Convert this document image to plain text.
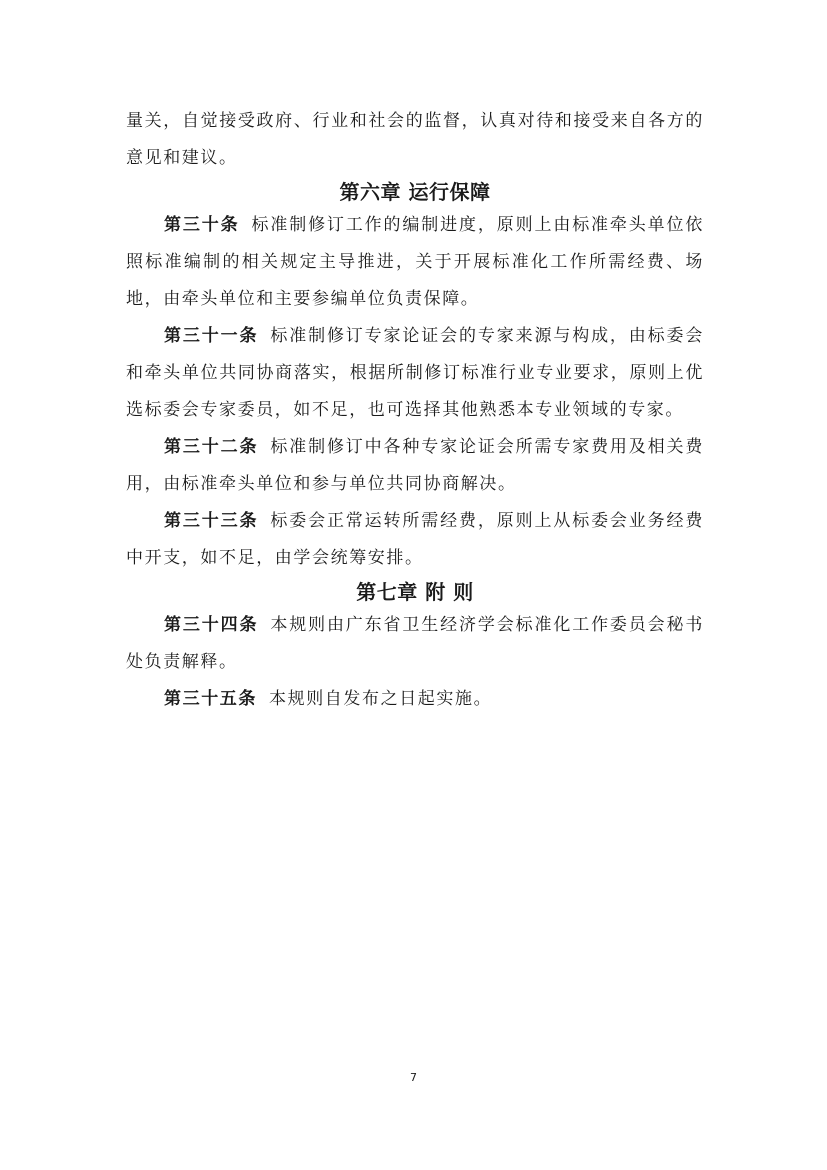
量关，自觉接受政府、行业和社会的监督，认真对待和接受来自各方的意见和建议。

第六章 运行保障

第三十条 标准制修订工作的编制进度，原则上由标准牵头单位依照标准编制的相关规定主导推进，关于开展标准化工作所需经费、场地，由牵头单位和主要参编单位负责保障。

第三十一条 标准制修订专家论证会的专家来源与构成，由标委会和牵头单位共同协商落实，根据所制修订标准行业专业要求，原则上优选标委会专家委员，如不足，也可选择其他熟悉本专业领域的专家。

第三十二条 标准制修订中各种专家论证会所需专家费用及相关费用，由标准牵头单位和参与单位共同协商解决。

第三十三条 标委会正常运转所需经费，原则上从标委会业务经费中开支，如不足，由学会统筹安排。

第七章 附 则

第三十四条 本规则由广东省卫生经济学会标准化工作委员会秘书处负责解释。

第三十五条 本规则自发布之日起实施。

7
